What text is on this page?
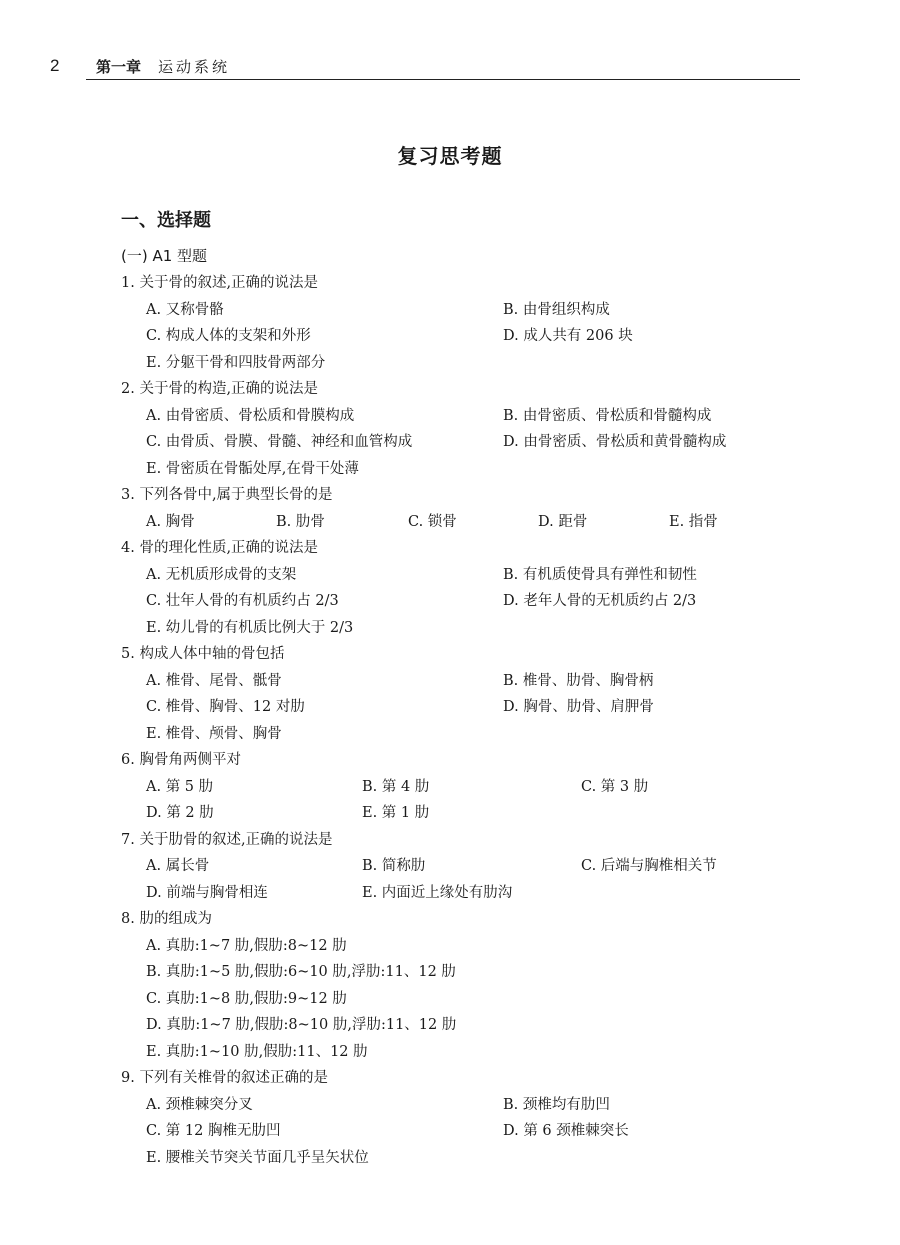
2 第一章 运动系统
复习思考题
一、选择题
(一) A1 型题
1. 关于骨的叙述,正确的说法是
A. 又称骨骼	B. 由骨组织构成
C. 构成人体的支架和外形	D. 成人共有 206 块
E. 分躯干骨和四肢骨两部分
2. 关于骨的构造,正确的说法是
A. 由骨密质、骨松质和骨膜构成	B. 由骨密质、骨松质和骨髓构成
C. 由骨质、骨膜、骨髓、神经和血管构成	D. 由骨密质、骨松质和黄骨髓构成
E. 骨密质在骨骺处厚,在骨干处薄
3. 下列各骨中,属于典型长骨的是
A. 胸骨	B. 肋骨	C. 锁骨	D. 距骨	E. 指骨
4. 骨的理化性质,正确的说法是
A. 无机质形成骨的支架	B. 有机质使骨具有弹性和韧性
C. 壮年人骨的有机质约占 2/3	D. 老年人骨的无机质约占 2/3
E. 幼儿骨的有机质比例大于 2/3
5. 构成人体中轴的骨包括
A. 椎骨、尾骨、骶骨	B. 椎骨、肋骨、胸骨柄
C. 椎骨、胸骨、12 对肋	D. 胸骨、肋骨、肩胛骨
E. 椎骨、颅骨、胸骨
6. 胸骨角两侧平对
A. 第 5 肋	B. 第 4 肋	C. 第 3 肋
D. 第 2 肋	E. 第 1 肋
7. 关于肋骨的叙述,正确的说法是
A. 属长骨	B. 简称肋	C. 后端与胸椎相关节
D. 前端与胸骨相连	E. 内面近上缘处有肋沟
8. 肋的组成为
A. 真肋:1~7 肋,假肋:8~12 肋
B. 真肋:1~5 肋,假肋:6~10 肋,浮肋:11、12 肋
C. 真肋:1~8 肋,假肋:9~12 肋
D. 真肋:1~7 肋,假肋:8~10 肋,浮肋:11、12 肋
E. 真肋:1~10 肋,假肋:11、12 肋
9. 下列有关椎骨的叙述正确的是
A. 颈椎棘突分叉	B. 颈椎均有肋凹
C. 第 12 胸椎无肋凹	D. 第 6 颈椎棘突长
E. 腰椎关节突关节面几乎呈矢状位
